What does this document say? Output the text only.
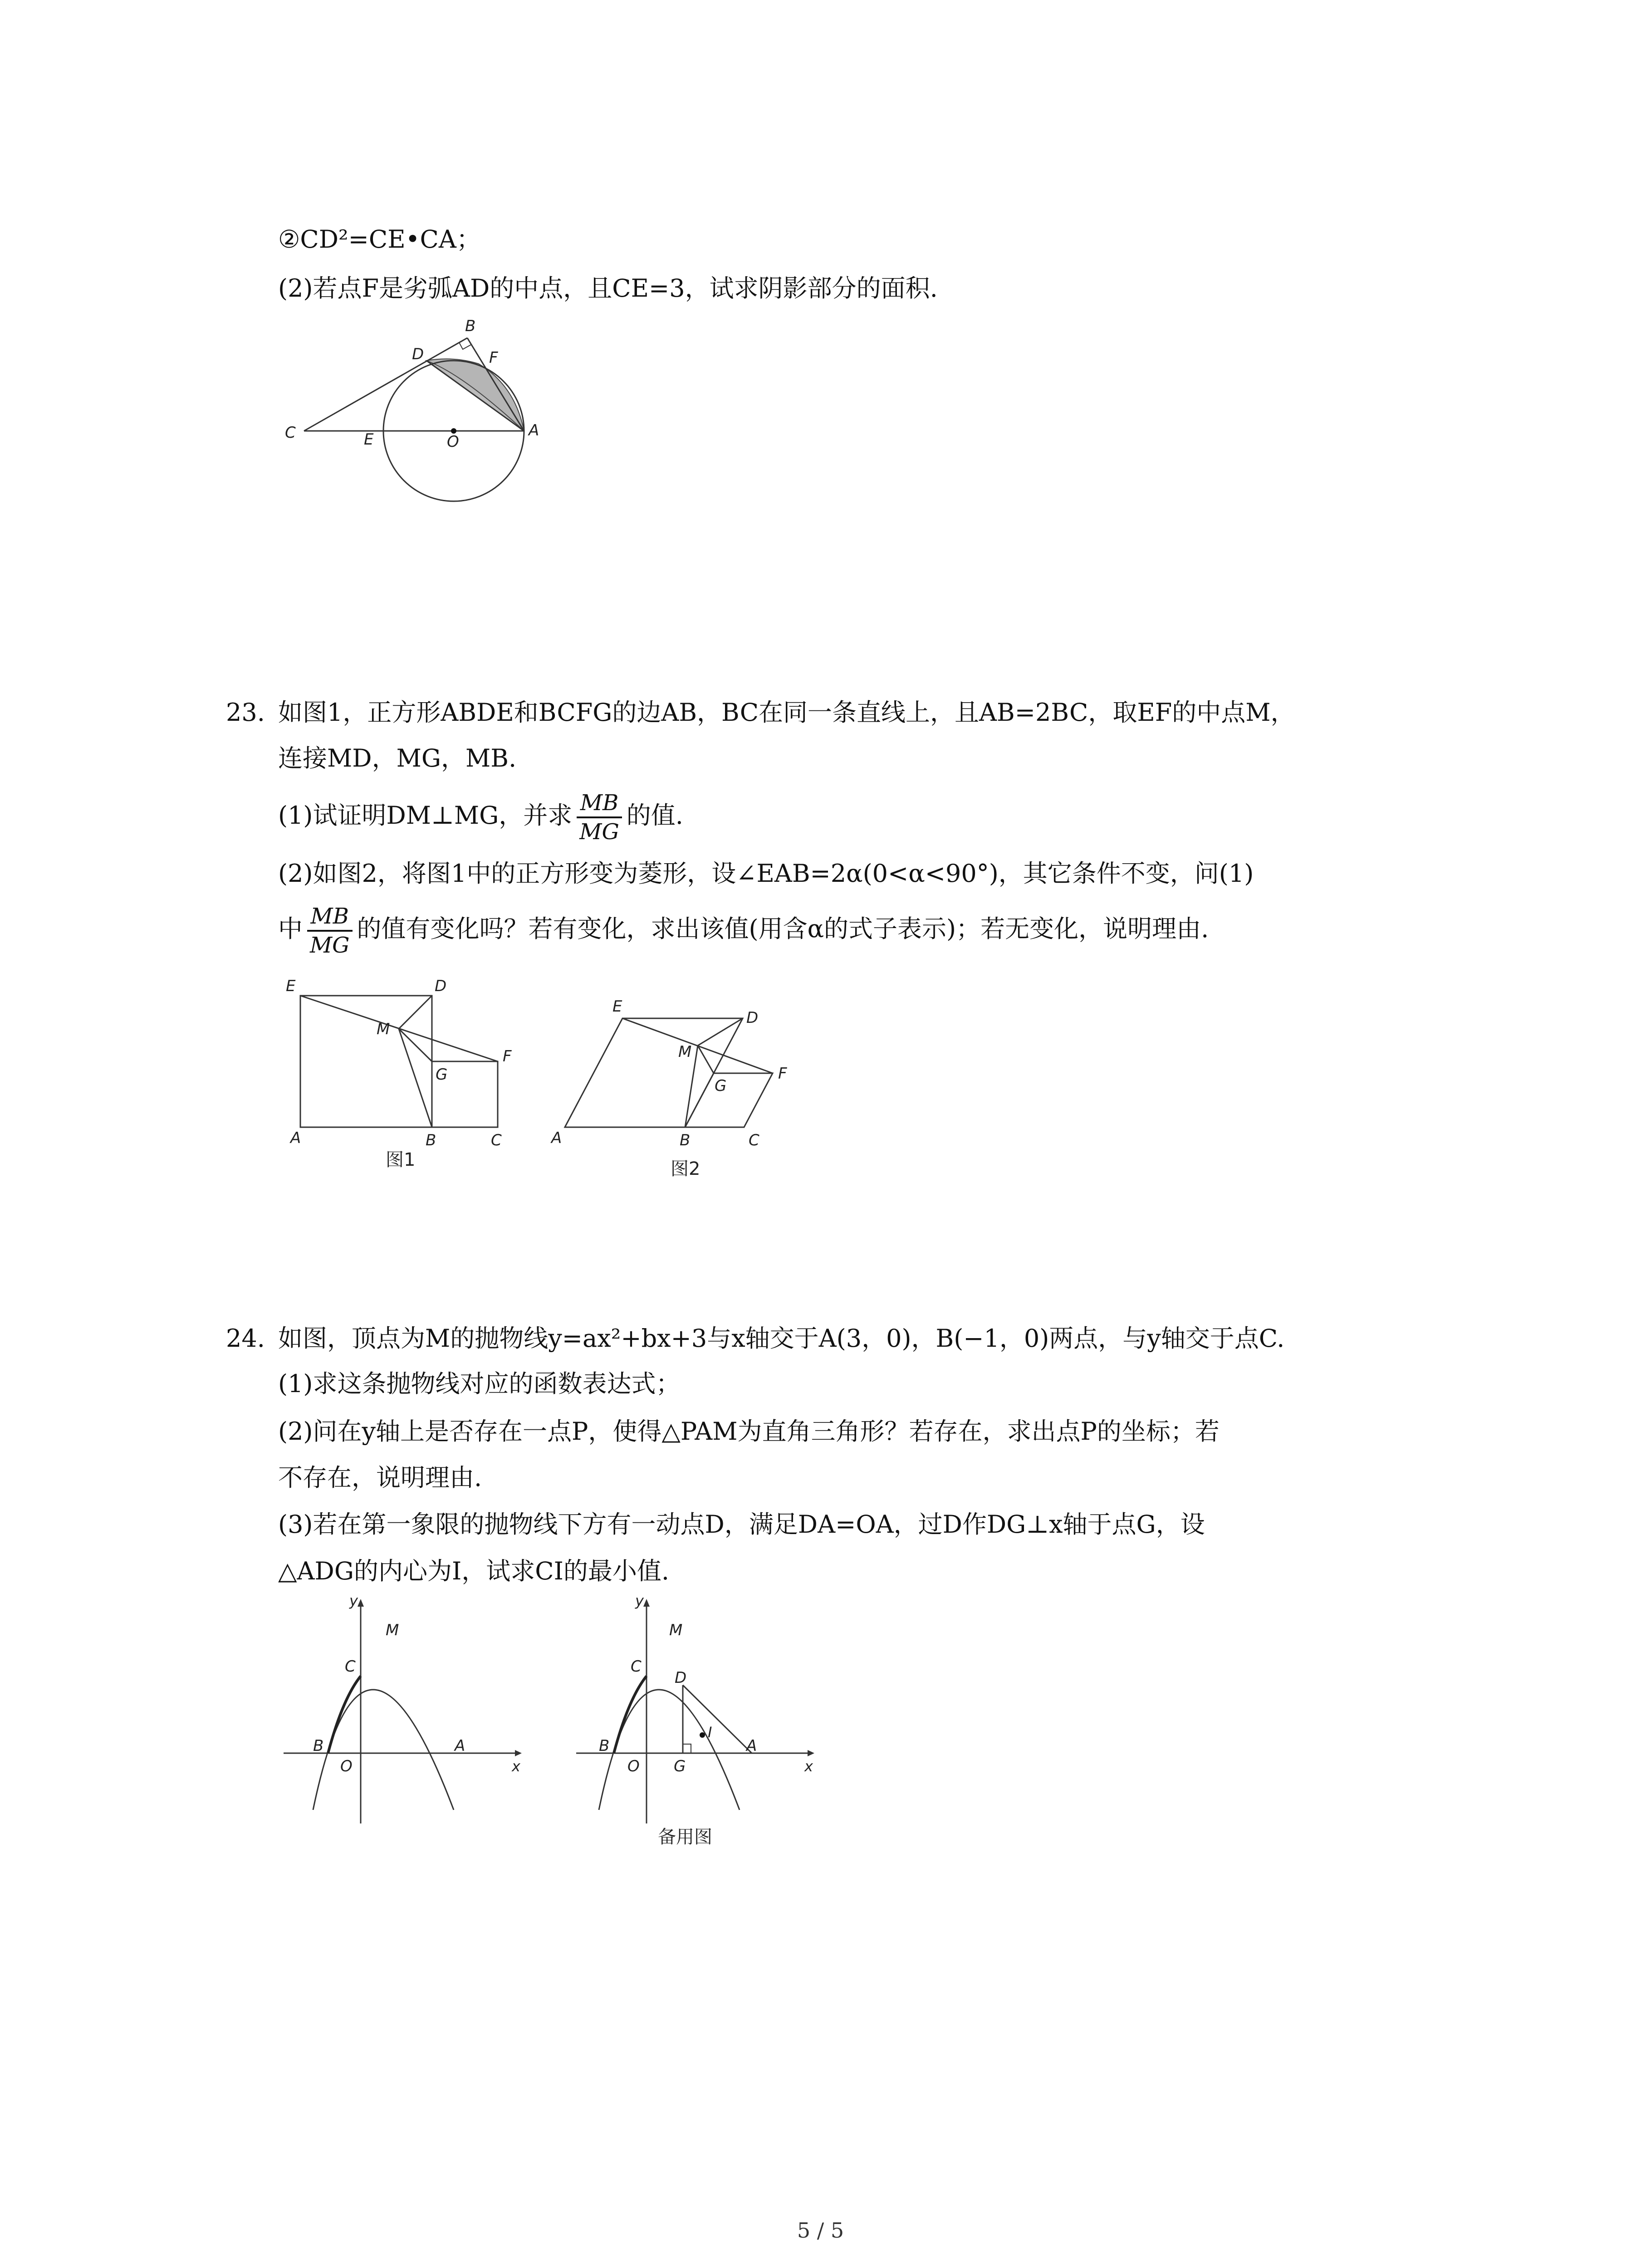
②CD²=CE•CA；
(2)若点F是劣弧AD的中点，且CE=3，试求阴影部分的面积.
B
D	F
C	E	O
A
23. 如图1，正方形ABDE和BCFG的边AB，BC在同一条直线上，且AB=2BC，取EF的中点M，
连接MD，MG，MB.
(1)试证明DM⊥MG，并求 $\frac{MB}{MG}$ 的值.
(2)如图2，将图1中的正方形变为菱形，设∠EAB=2α(0<α<90°)，其它条件不变，问(1)
中 $\frac{MB}{MG}$ 的值有变化吗？若有变化，求出该值(用含α的式子表示)；若无变化，说明理由.
E	D
M
G
F
A	B	C
图1
E
D
M
G
F
A	B	C
图2
24. 如图，顶点为M的抛物线y=ax²+bx+3与x轴交于A(3，0)，B(−1，0)两点，与y轴交于点C.
(1)求这条抛物线对应的函数表达式；
(2)问在y轴上是否存在一点P，使得△PAM为直角三角形？若存在，求出点P的坐标；若
不存在，说明理由.
(3)若在第一象限的抛物线下方有一动点D，满足DA=OA，过D作DG⊥x轴于点G，设
△ADG的内心为I，试求CI的最小值.
y
M
C
B
O
A
x
y
M
C
D
B
O G
I
A
x
备用图
5 / 5
